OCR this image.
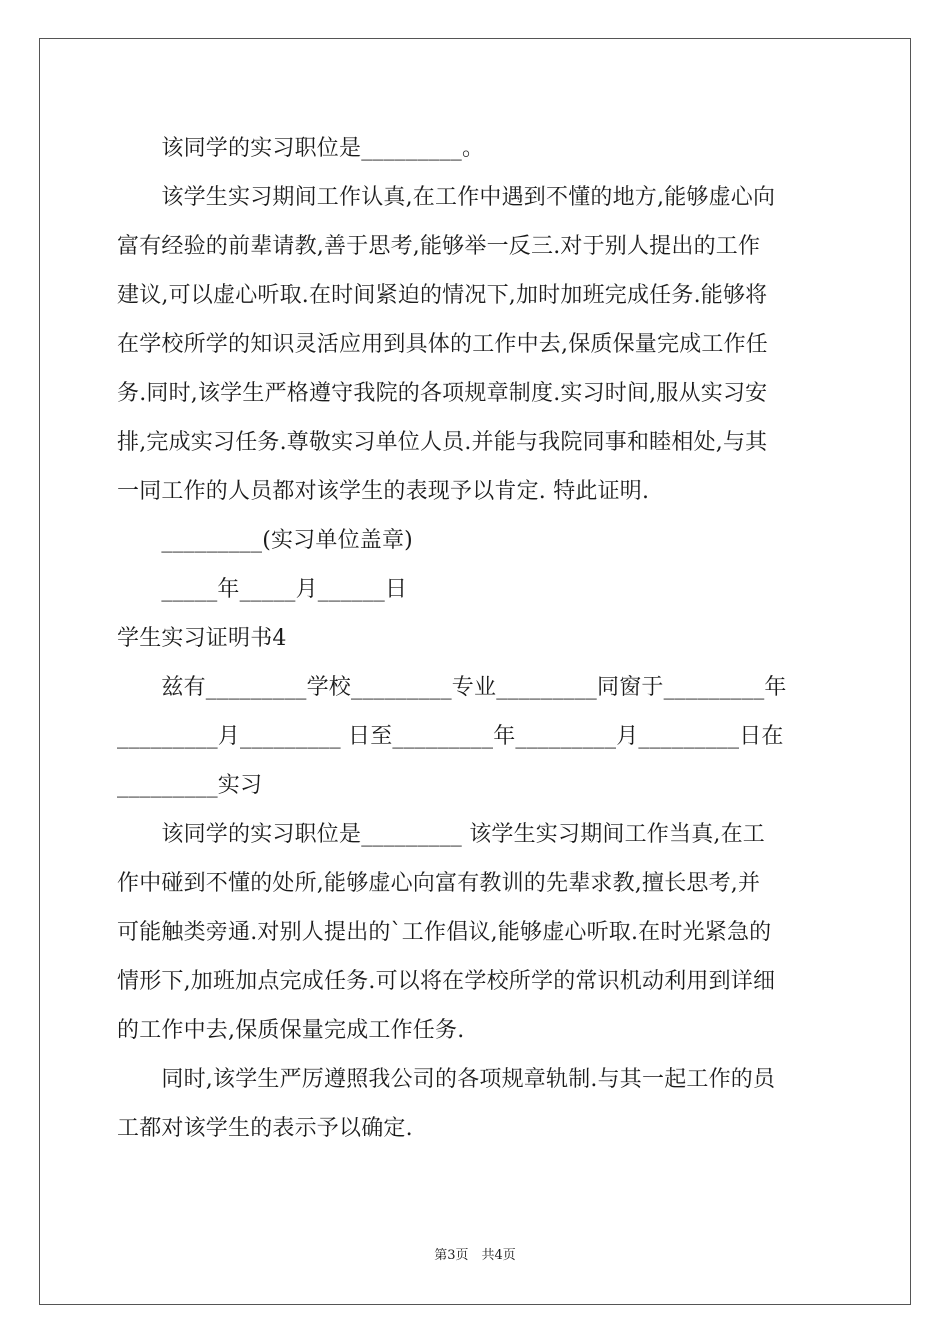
　　该同学的实习职位是_________。
　　该学生实习期间工作认真,在工作中遇到不懂的地方,能够虚心向
富有经验的前辈请教,善于思考,能够举一反三.对于别人提出的工作
建议,可以虚心听取.在时间紧迫的情况下,加时加班完成任务.能够将
在学校所学的知识灵活应用到具体的工作中去,保质保量完成工作任
务.同时,该学生严格遵守我院的各项规章制度.实习时间,服从实习安
排,完成实习任务.尊敬实习单位人员.并能与我院同事和睦相处,与其
一同工作的人员都对该学生的表现予以肯定. 特此证明.
　　_________(实习单位盖章)
　　_____年_____月______日
学生实习证明书4
　　兹有_________学校_________专业_________同窗于_________年
_________月_________ 日至_________年_________月_________日在
_________实习
　　该同学的实习职位是_________ 该学生实习期间工作当真,在工
作中碰到不懂的处所,能够虚心向富有教训的先辈求教,擅长思考,并
可能触类旁通.对别人提出的`工作倡议,能够虚心听取.在时光紧急的
情形下,加班加点完成任务.可以将在学校所学的常识机动利用到详细
的工作中去,保质保量完成工作任务.
　　同时,该学生严厉遵照我公司的各项规章轨制.与其一起工作的员
工都对该学生的表示予以确定.
第3页　共4页
